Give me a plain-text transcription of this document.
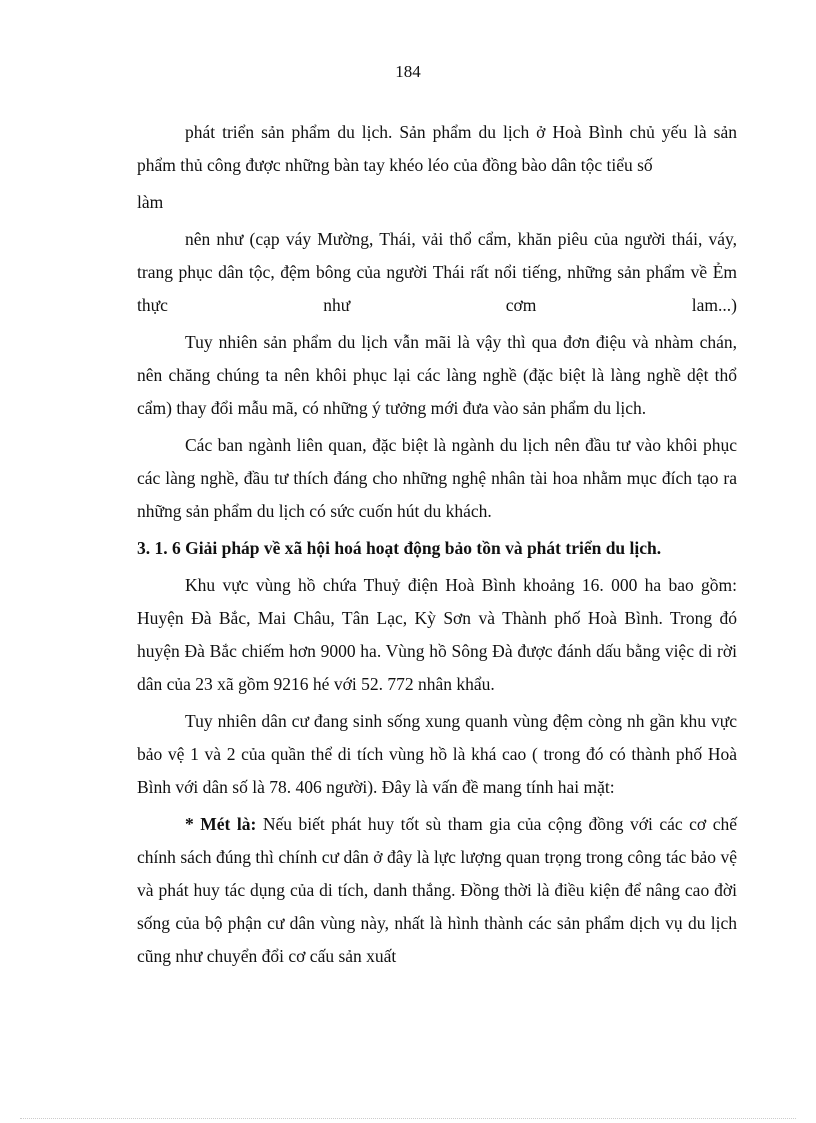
184

phát triển sản phẩm du lịch. Sản phẩm du lịch ở Hoà Bình chủ yếu là sản phẩm thủ công được những bàn tay khéo léo của đồng bào dân tộc tiểu số

làm

nên như (cạp váy Mường, Thái, vải thổ cẩm, khăn piêu của người thái, váy, trang phục dân tộc, đệm bông của người Thái rất nổi tiếng, những sản phẩm về Ẻm thực như cơm lam...)

Tuy nhiên sản phẩm du lịch vẫn mãi là vậy thì qua đơn điệu và nhàm chán, nên chăng chúng ta nên khôi phục lại các làng nghề (đặc biệt là làng nghề dệt thổ cẩm) thay đổi mẫu mã, có những ý tưởng mới đưa vào sản phẩm du lịch.

Các ban ngành liên quan, đặc biệt là ngành du lịch nên đầu tư vào khôi phục các làng nghề, đầu tư thích đáng cho những nghệ nhân tài hoa nhằm mục đích tạo ra những sản phẩm du lịch có sức cuốn hút du khách.

3. 1. 6 Giải pháp về xã hội hoá hoạt động bảo tồn và phát triển du lịch.

Khu vực vùng hồ chứa Thuỷ điện Hoà Bình khoảng 16. 000 ha bao gồm: Huyện Đà Bắc, Mai Châu, Tân Lạc, Kỳ Sơn và Thành phố Hoà Bình. Trong đó huyện Đà Bắc chiếm hơn 9000 ha. Vùng hồ Sông Đà được đánh dấu bằng việc di rời dân của 23 xã gồm 9216 hé với 52. 772 nhân khẩu.

Tuy nhiên dân cư đang sinh sống xung quanh vùng đệm còng nh gần khu vực bảo vệ 1 và 2 của quần thể di tích vùng hồ là khá cao ( trong đó có thành phố Hoà Bình với dân số là 78. 406 người). Đây là vấn đề mang tính hai mặt:

* Mét là: Nếu biết phát huy tốt sù tham gia của cộng đồng với các cơ chế chính sách đúng thì chính cư dân ở đây là lực lượng quan trọng trong công tác bảo vệ và phát huy tác dụng của di tích, danh thắng. Đồng thời là điều kiện để nâng cao đời sống của bộ phận cư dân vùng này, nhất là hình thành các sản phẩm dịch vụ du lịch cũng như chuyển đổi cơ cấu sản xuất
